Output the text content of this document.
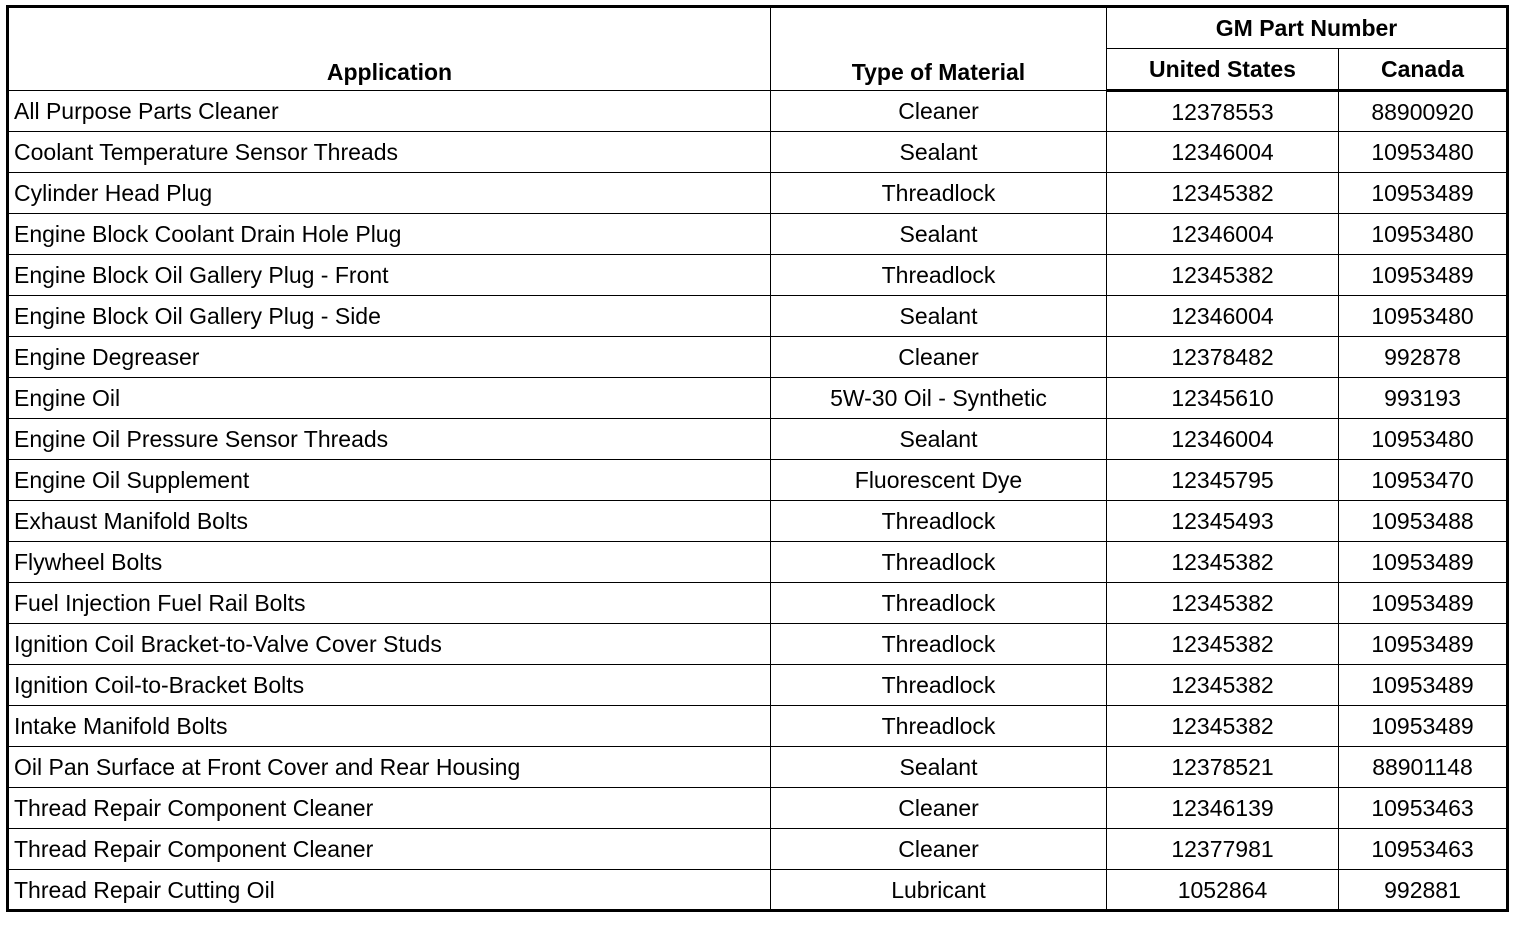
Application	Type of Material	GM Part Number	
		United States	Canada
All Purpose Parts Cleaner	Cleaner	12378553	88900920
Coolant Temperature Sensor Threads	Sealant	12346004	10953480
Cylinder Head Plug	Threadlock	12345382	10953489
Engine Block Coolant Drain Hole Plug	Sealant	12346004	10953480
Engine Block Oil Gallery Plug - Front	Threadlock	12345382	10953489
Engine Block Oil Gallery Plug - Side	Sealant	12346004	10953480
Engine Degreaser	Cleaner	12378482	992878
Engine Oil	5W-30 Oil - Synthetic	12345610	993193
Engine Oil Pressure Sensor Threads	Sealant	12346004	10953480
Engine Oil Supplement	Fluorescent Dye	12345795	10953470
Exhaust Manifold Bolts	Threadlock	12345493	10953488
Flywheel Bolts	Threadlock	12345382	10953489
Fuel Injection Fuel Rail Bolts	Threadlock	12345382	10953489
Ignition Coil Bracket-to-Valve Cover Studs	Threadlock	12345382	10953489
Ignition Coil-to-Bracket Bolts	Threadlock	12345382	10953489
Intake Manifold Bolts	Threadlock	12345382	10953489
Oil Pan Surface at Front Cover and Rear Housing	Sealant	12378521	88901148
Thread Repair Component Cleaner	Cleaner	12346139	10953463
Thread Repair Component Cleaner	Cleaner	12377981	10953463
Thread Repair Cutting Oil	Lubricant	1052864	992881
